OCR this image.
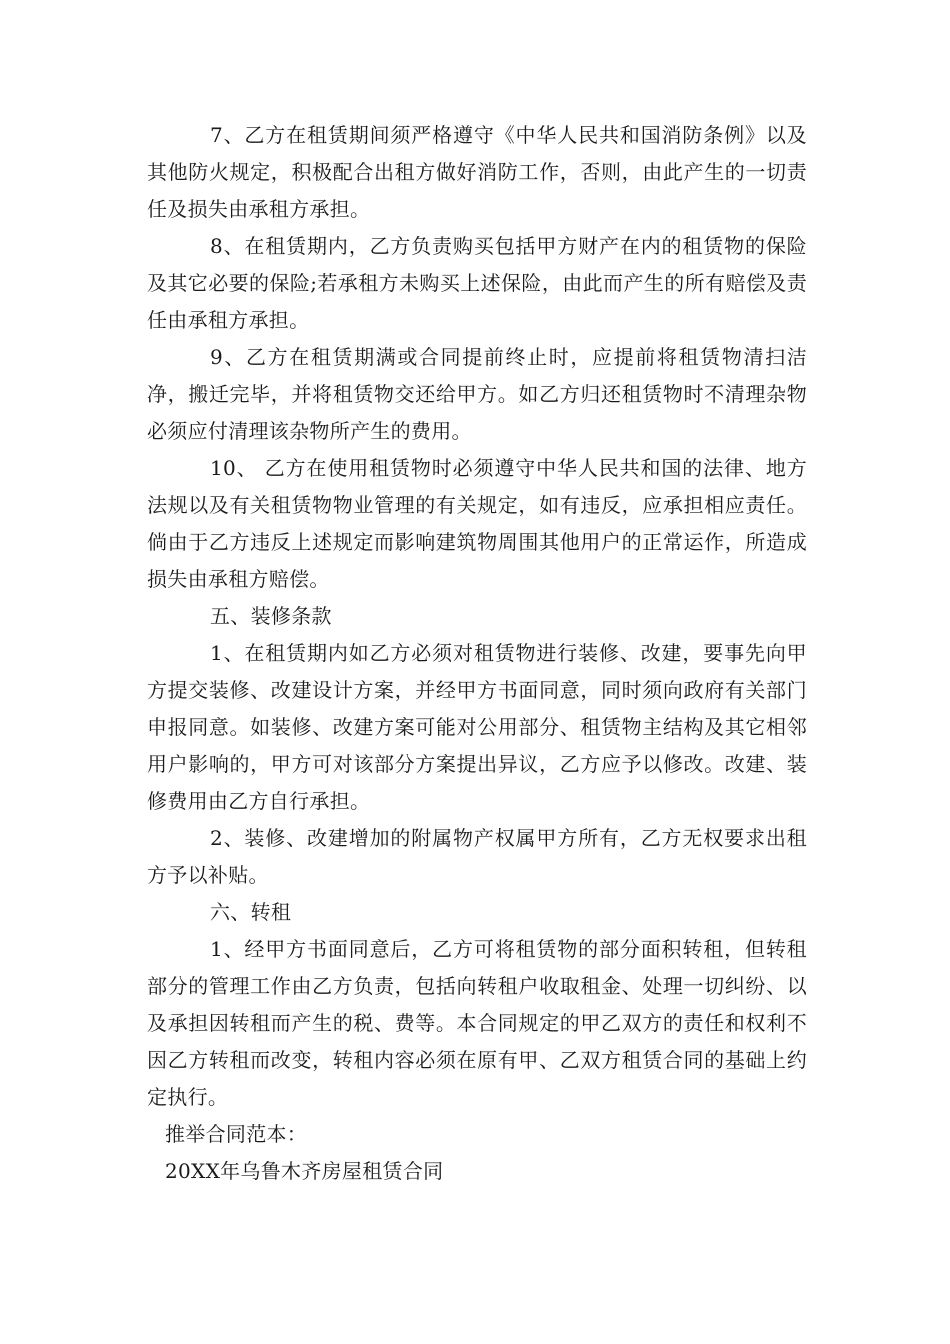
7、乙方在租赁期间须严格遵守《中华人民共和国消防条例》以及其他防火规定，积极配合出租方做好消防工作，否则，由此产生的一切责任及损失由承租方承担。

8、在租赁期内，乙方负责购买包括甲方财产在内的租赁物的保险及其它必要的保险;若承租方未购买上述保险，由此而产生的所有赔偿及责任由承租方承担。

9、乙方在租赁期满或合同提前终止时，应提前将租赁物清扫洁净，搬迁完毕，并将租赁物交还给甲方。如乙方归还租赁物时不清理杂物必须应付清理该杂物所产生的费用。

10、 乙方在使用租赁物时必须遵守中华人民共和国的法律、地方法规以及有关租赁物物业管理的有关规定，如有违反，应承担相应责任。倘由于乙方违反上述规定而影响建筑物周围其他用户的正常运作，所造成损失由承租方赔偿。

五、装修条款

1、在租赁期内如乙方必须对租赁物进行装修、改建，要事先向甲方提交装修、改建设计方案，并经甲方书面同意，同时须向政府有关部门申报同意。如装修、改建方案可能对公用部分、租赁物主结构及其它相邻用户影响的，甲方可对该部分方案提出异议，乙方应予以修改。改建、装修费用由乙方自行承担。

2、装修、改建增加的附属物产权属甲方所有，乙方无权要求出租方予以补贴。

六、转租

1、经甲方书面同意后，乙方可将租赁物的部分面积转租，但转租部分的管理工作由乙方负责，包括向转租户收取租金、处理一切纠纷、以及承担因转租而产生的税、费等。本合同规定的甲乙双方的责任和权利不因乙方转租而改变，转租内容必须在原有甲、乙双方租赁合同的基础上约定执行。

推举合同范本：

20XX年乌鲁木齐房屋租赁合同
